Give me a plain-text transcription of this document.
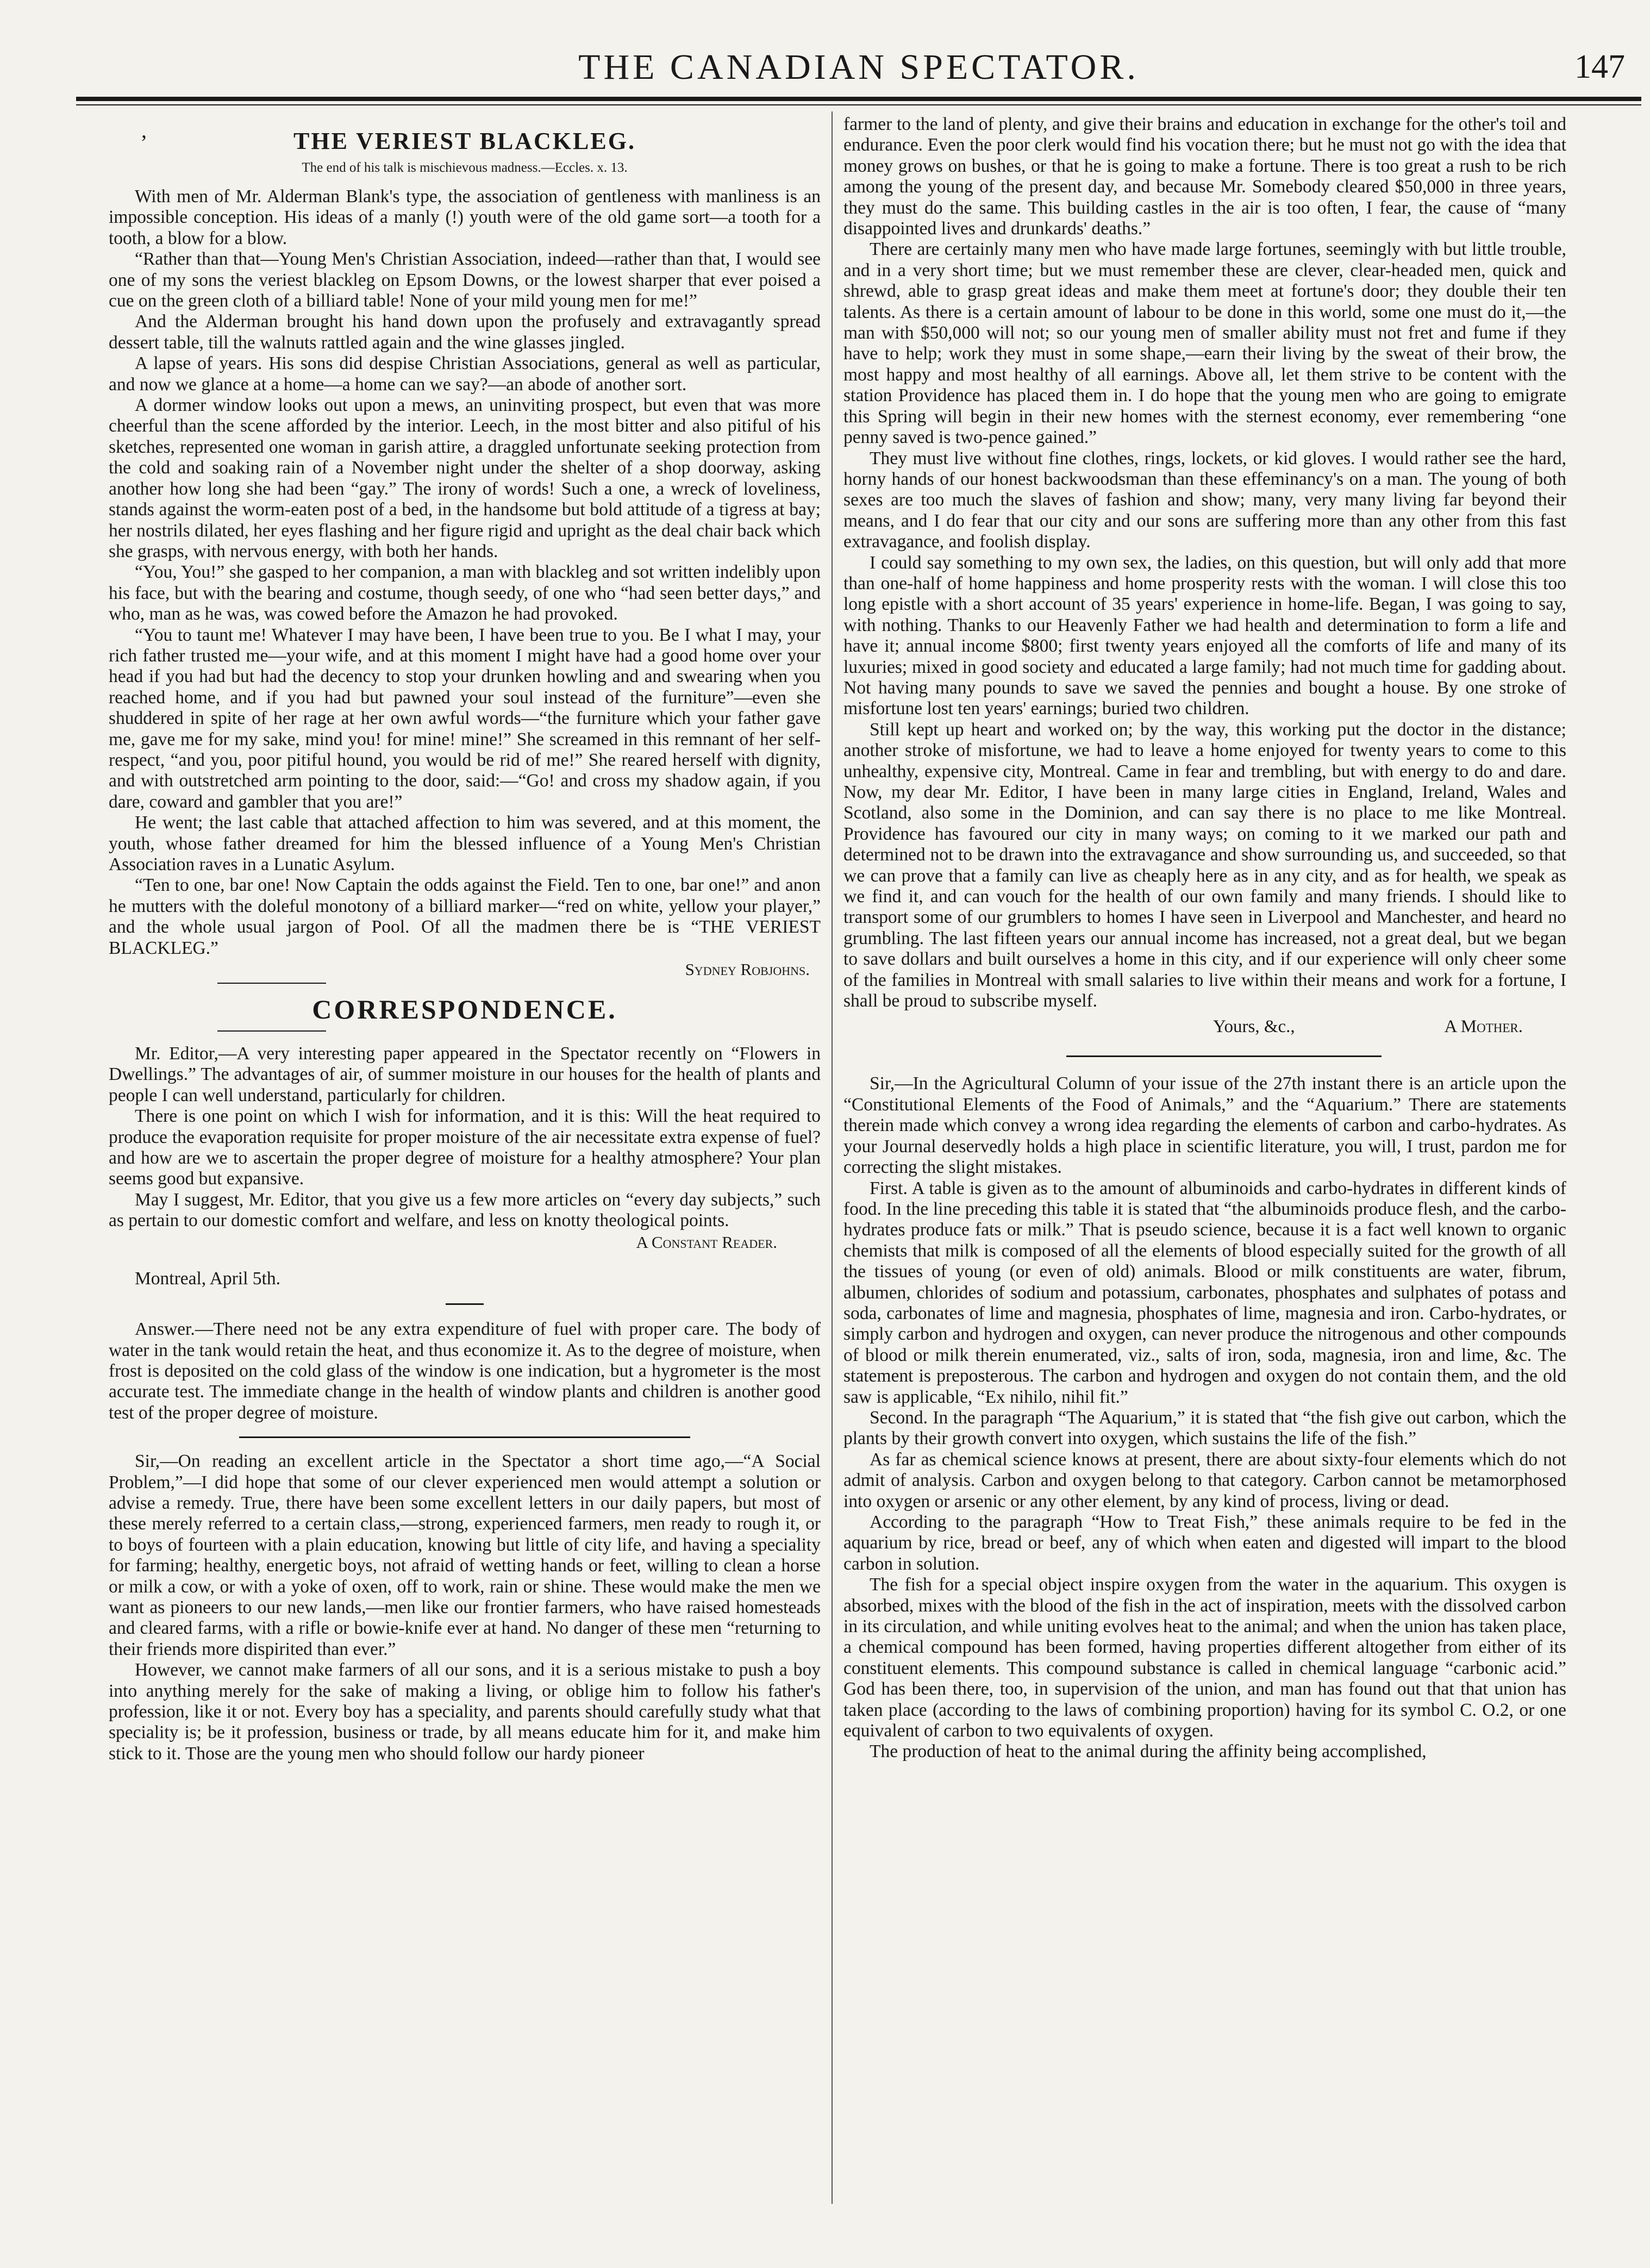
THE CANADIAN SPECTATOR.	147
,	THE VERIEST BLACKLEG.
The end of his talk is mischievous madness.—Eccles. x. 13.

With men of Mr. Alderman Blank's type, the association of gentleness with manliness is an impossible conception. His ideas of a manly (!) youth were of the old game sort—a tooth for a tooth, a blow for a blow.

“Rather than that—Young Men's Christian Association, indeed—rather than that, I would see one of my sons the veriest blackleg on Epsom Downs, or the lowest sharper that ever poised a cue on the green cloth of a billiard table! None of your mild young men for me!”

And the Alderman brought his hand down upon the profusely and extravagantly spread dessert table, till the walnuts rattled again and the wine glasses jingled.

A lapse of years. His sons did despise Christian Associations, general as well as particular, and now we glance at a home—a home can we say?—an abode of another sort.

A dormer window looks out upon a mews, an uninviting prospect, but even that was more cheerful than the scene afforded by the interior. Leech, in the most bitter and also pitiful of his sketches, represented one woman in garish attire, a draggled unfortunate seeking protection from the cold and soaking rain of a November night under the shelter of a shop doorway, asking another how long she had been “gay.” The irony of words! Such a one, a wreck of loveliness, stands against the worm-eaten post of a bed, in the handsome but bold attitude of a tigress at bay; her nostrils dilated, her eyes flashing and her figure rigid and upright as the deal chair back which she grasps, with nervous energy, with both her hands.

“You, You!” she gasped to her companion, a man with blackleg and sot written indelibly upon his face, but with the bearing and costume, though seedy, of one who “had seen better days,” and who, man as he was, was cowed before the Amazon he had provoked.

“You to taunt me! Whatever I may have been, I have been true to you. Be I what I may, your rich father trusted me—your wife, and at this moment I might have had a good home over your head if you had but had the decency to stop your drunken howling and and swearing when you reached home, and if you had but pawned your soul instead of the furniture”—even she shuddered in spite of her rage at her own awful words—“the furniture which your father gave me, gave me for my sake, mind you! for mine! mine!” She screamed in this remnant of her self-respect, “and you, poor pitiful hound, you would be rid of me!” She reared herself with dignity, and with outstretched arm pointing to the door, said:—“Go! and cross my shadow again, if you dare, coward and gambler that you are!”

He went; the last cable that attached affection to him was severed, and at this moment, the youth, whose father dreamed for him the blessed influence of a Young Men's Christian Association raves in a Lunatic Asylum.

“Ten to one, bar one! Now Captain the odds against the Field. Ten to one, bar one!” and anon he mutters with the doleful monotony of a billiard marker—“red on white, yellow your player,” and the whole usual jargon of Pool. Of all the madmen there be is “THE VERIEST BLACKLEG.”

Sydney Robjohns.
CORRESPONDENCE.

Mr. Editor,—A very interesting paper appeared in the Spectator recently on “Flowers in Dwellings.” The advantages of air, of summer moisture in our houses for the health of plants and people I can well understand, particularly for children.

There is one point on which I wish for information, and it is this: Will the heat required to produce the evaporation requisite for proper moisture of the air necessitate extra expense of fuel? and how are we to ascertain the proper degree of moisture for a healthy atmosphere? Your plan seems good but expansive.

May I suggest, Mr. Editor, that you give us a few more articles on “every day subjects,” such as pertain to our domestic comfort and welfare, and less on knotty theological points.

A Constant Reader.
Montreal, April 5th.

Answer.—There need not be any extra expenditure of fuel with proper care. The body of water in the tank would retain the heat, and thus economize it. As to the degree of moisture, when frost is deposited on the cold glass of the window is one indication, but a hygrometer is the most accurate test. The immediate change in the health of window plants and children is another good test of the proper degree of moisture.

Sir,—On reading an excellent article in the Spectator a short time ago,—“A Social Problem,”—I did hope that some of our clever experienced men would attempt a solution or advise a remedy. True, there have been some excellent letters in our daily papers, but most of these merely referred to a certain class,—strong, experienced farmers, men ready to rough it, or to boys of fourteen with a plain education, knowing but little of city life, and having a speciality for farming; healthy, energetic boys, not afraid of wetting hands or feet, willing to clean a horse or milk a cow, or with a yoke of oxen, off to work, rain or shine. These would make the men we want as pioneers to our new lands,—men like our frontier farmers, who have raised homesteads and cleared farms, with a rifle or bowie-knife ever at hand. No danger of these men “returning to their friends more dispirited than ever.”

However, we cannot make farmers of all our sons, and it is a serious mistake to push a boy into anything merely for the sake of making a living, or oblige him to follow his father's profession, like it or not. Every boy has a speciality, and parents should carefully study what that speciality is; be it profession, business or trade, by all means educate him for it, and make him stick to it. Those are the young men who should follow our hardy pioneer

farmer to the land of plenty, and give their brains and education in exchange for the other's toil and endurance. Even the poor clerk would find his vocation there; but he must not go with the idea that money grows on bushes, or that he is going to make a fortune. There is too great a rush to be rich among the young of the present day, and because Mr. Somebody cleared $50,000 in three years, they must do the same. This building castles in the air is too often, I fear, the cause of “many disappointed lives and drunkards' deaths.”

There are certainly many men who have made large fortunes, seemingly with but little trouble, and in a very short time; but we must remember these are clever, clear-headed men, quick and shrewd, able to grasp great ideas and make them meet at fortune's door; they double their ten talents. As there is a certain amount of labour to be done in this world, some one must do it,—the man with $50,000 will not; so our young men of smaller ability must not fret and fume if they have to help; work they must in some shape,—earn their living by the sweat of their brow, the most happy and most healthy of all earnings. Above all, let them strive to be content with the station Providence has placed them in. I do hope that the young men who are going to emigrate this Spring will begin in their new homes with the sternest economy, ever remembering “one penny saved is two-pence gained.”

They must live without fine clothes, rings, lockets, or kid gloves. I would rather see the hard, horny hands of our honest backwoodsman than these effeminancy's on a man. The young of both sexes are too much the slaves of fashion and show; many, very many living far beyond their means, and I do fear that our city and our sons are suffering more than any other from this fast extravagance, and foolish display.

I could say something to my own sex, the ladies, on this question, but will only add that more than one-half of home happiness and home prosperity rests with the woman. I will close this too long epistle with a short account of 35 years' experience in home-life. Began, I was going to say, with nothing. Thanks to our Heavenly Father we had health and determination to form a life and have it; annual income $800; first twenty years enjoyed all the comforts of life and many of its luxuries; mixed in good society and educated a large family; had not much time for gadding about. Not having many pounds to save we saved the pennies and bought a house. By one stroke of misfortune lost ten years' earnings; buried two children.

Still kept up heart and worked on; by the way, this working put the doctor in the distance; another stroke of misfortune, we had to leave a home enjoyed for twenty years to come to this unhealthy, expensive city, Montreal. Came in fear and trembling, but with energy to do and dare. Now, my dear Mr. Editor, I have been in many large cities in England, Ireland, Wales and Scotland, also some in the Dominion, and can say there is no place to me like Montreal. Providence has favoured our city in many ways; on coming to it we marked our path and determined not to be drawn into the extravagance and show surrounding us, and succeeded, so that we can prove that a family can live as cheaply here as in any city, and as for health, we speak as we find it, and can vouch for the health of our own family and many friends. I should like to transport some of our grumblers to homes I have seen in Liverpool and Manchester, and heard no grumbling. The last fifteen years our annual income has increased, not a great deal, but we began to save dollars and built ourselves a home in this city, and if our experience will only cheer some of the families in Montreal with small salaries to live within their means and work for a fortune, I shall be proud to subscribe myself.

Yours, &c.,	A Mother.

Sir,—In the Agricultural Column of your issue of the 27th instant there is an article upon the “Constitutional Elements of the Food of Animals,” and the “Aquarium.” There are statements therein made which convey a wrong idea regarding the elements of carbon and carbo-hydrates. As your Journal deservedly holds a high place in scientific literature, you will, I trust, pardon me for correcting the slight mistakes.

First. A table is given as to the amount of albuminoids and carbo-hydrates in different kinds of food. In the line preceding this table it is stated that “the albuminoids produce flesh, and the carbo-hydrates produce fats or milk.” That is pseudo science, because it is a fact well known to organic chemists that milk is composed of all the elements of blood especially suited for the growth of all the tissues of young (or even of old) animals. Blood or milk constituents are water, fibrum, albumen, chlorides of sodium and potassium, carbonates, phosphates and sulphates of potass and soda, carbonates of lime and magnesia, phosphates of lime, magnesia and iron. Carbo-hydrates, or simply carbon and hydrogen and oxygen, can never produce the nitrogenous and other compounds of blood or milk therein enumerated, viz., salts of iron, soda, magnesia, iron and lime, &c. The statement is preposterous. The carbon and hydrogen and oxygen do not contain them, and the old saw is applicable, “Ex nihilo, nihil fit.”

Second. In the paragraph “The Aquarium,” it is stated that “the fish give out carbon, which the plants by their growth convert into oxygen, which sustains the life of the fish.”

As far as chemical science knows at present, there are about sixty-four elements which do not admit of analysis. Carbon and oxygen belong to that category. Carbon cannot be metamorphosed into oxygen or arsenic or any other element, by any kind of process, living or dead.

According to the paragraph “How to Treat Fish,” these animals require to be fed in the aquarium by rice, bread or beef, any of which when eaten and digested will impart to the blood carbon in solution.

The fish for a special object inspire oxygen from the water in the aquarium. This oxygen is absorbed, mixes with the blood of the fish in the act of inspiration, meets with the dissolved carbon in its circulation, and while uniting evolves heat to the animal; and when the union has taken place, a chemical compound has been formed, having properties different altogether from either of its constituent elements. This compound substance is called in chemical language “carbonic acid.” God has been there, too, in supervision of the union, and man has found out that that union has taken place (according to the laws of combining proportion) having for its symbol C. O.2, or one equivalent of carbon to two equivalents of oxygen.

The production of heat to the animal during the affinity being accomplished,
